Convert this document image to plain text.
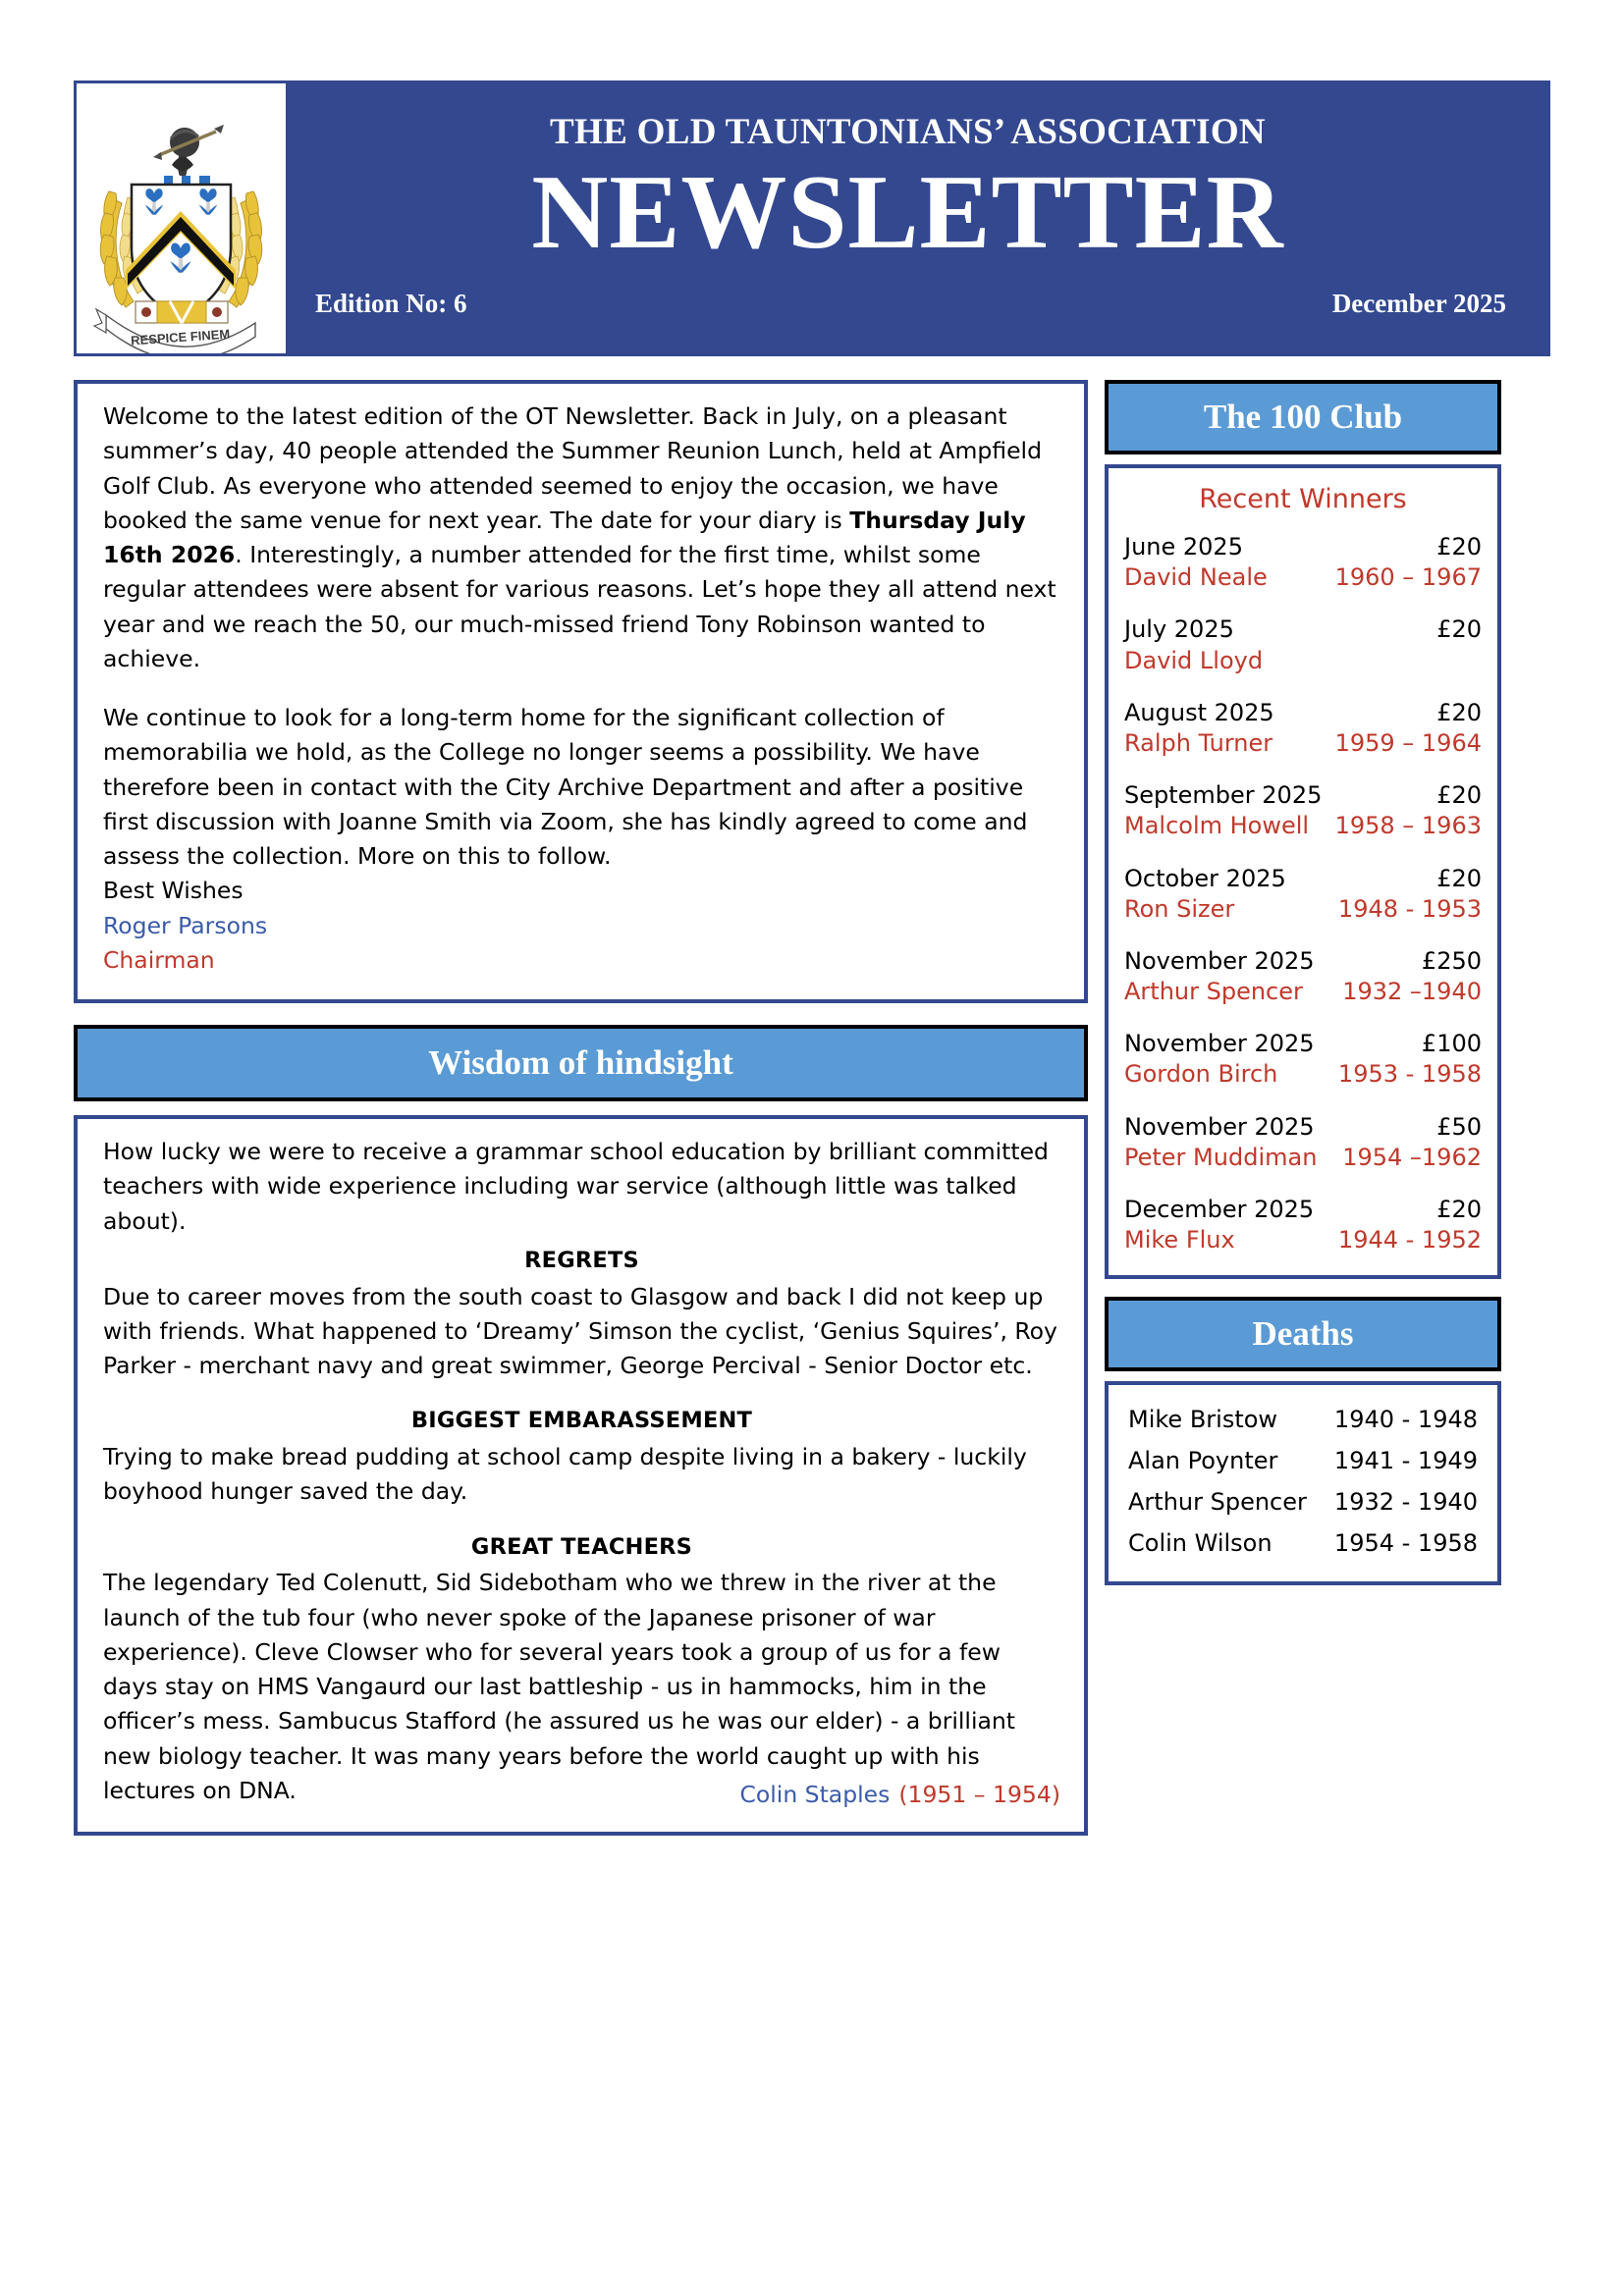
RESPICE FINEM
THE OLD TAUNTONIANS’ ASSOCIATION
NEWSLETTER
Edition No: 6	December 2025

Welcome to the latest edition of the OT Newsletter. Back in July, on a pleasant summer’s day, 40 people attended the Summer Reunion Lunch, held at Ampfield Golf Club. As everyone who attended seemed to enjoy the occasion, we have booked the same venue for next year. The date for your diary is Thursday July 16th 2026. Interestingly, a number attended for the first time, whilst some regular attendees were absent for various reasons. Let’s hope they all attend next year and we reach the 50, our much-missed friend Tony Robinson wanted to achieve.

We continue to look for a long-term home for the significant collection of memorabilia we hold, as the College no longer seems a possibility. We have therefore been in contact with the City Archive Department and after a positive first discussion with Joanne Smith via Zoom, she has kindly agreed to come and assess the collection. More on this to follow.

Best Wishes
Roger Parsons
Chairman
Wisdom of hindsight

How lucky we were to receive a grammar school education by brilliant committed teachers with wide experience including war service (although little was talked about).

REGRETS

Due to career moves from the south coast to Glasgow and back I did not keep up with friends. What happened to ‘Dreamy’ Simson the cyclist, ‘Genius Squires’, Roy Parker - merchant navy and great swimmer, George Percival - Senior Doctor etc.

BIGGEST EMBARASSEMENT

Trying to make bread pudding at school camp despite living in a bakery - luckily boyhood hunger saved the day.

GREAT TEACHERS

The legendary Ted Colenutt, Sid Sidebotham who we threw in the river at the launch of the tub four (who never spoke of the Japanese prisoner of war experience). Cleve Clowser who for several years took a group of us for a few days stay on HMS Vangaurd our last battleship - us in hammocks, him in the officer’s mess. Sambucus Stafford (he assured us he was our elder) - a brilliant new biology teacher. It was many years before the world caught up with his lectures on DNA.	Colin Staples (1951 – 1954)
The 100 Club
Recent Winners
June 2025	£20
David Neale	1960 – 1967
July 2025	£20
David Lloyd
August 2025	£20
Ralph Turner	1959 – 1964
September 2025	£20
Malcolm Howell 1958 – 1963
October 2025	£20
Ron Sizer	1948 - 1953
November 2025	£250
Arthur Spencer 1932 –1940
November 2025	£100
Gordon Birch	1953 - 1958
November 2025	£50
Peter Muddiman 1954 –1962
December 2025	£20
Mike Flux	1944 - 1952
Deaths
Mike Bristow 1940 - 1948
Alan Poynter 1941 - 1949
Arthur Spencer 1932 - 1940
Colin Wilson	1954 - 1958
